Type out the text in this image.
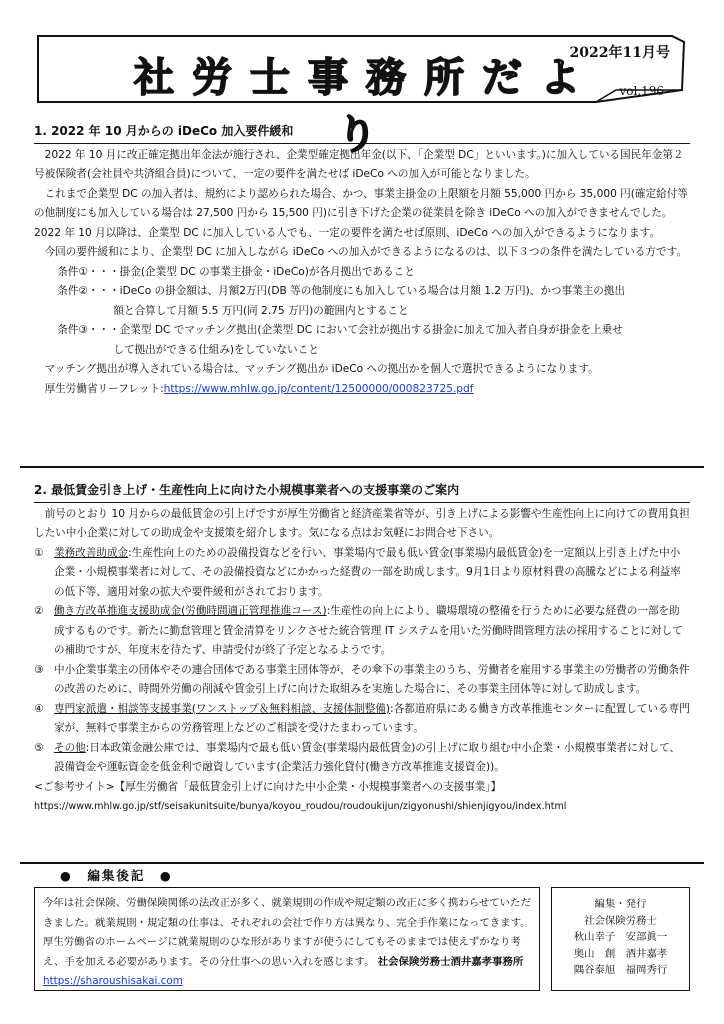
社労士事務所だより
2022年11月号
vol.196
1. 2022 年 10 月からの iDeCo 加入要件緩和

2022 年 10 月に改正確定拠出年金法が施行され、企業型確定拠出年金(以下、「企業型 DC」といいます。)に加入している国民年金第２号被保険者(会社員や共済組合員)について、一定の要件を満たせば iDeCo への加入が可能となりました。

これまで企業型 DC の加入者は、規約により認められた場合、かつ、事業主掛金の上限額を月額 55,000 円から 35,000 円(確定給付等の他制度にも加入している場合は 27,500 円から 15,500 円)に引き下げた企業の従業員を除き iDeCo への加入ができませんでした。2022 年 10 月以降は、企業型 DC に加入している人でも、一定の要件を満たせば原則、iDeCo への加入ができるようになります。

今回の要件緩和により、企業型 DC に加入しながら iDeCo への加入ができるようになるのは、以下３つの条件を満たしている方です。

条件①・・・掛金(企業型 DC の事業主掛金・iDeCo)が各月拠出であること

条件②・・・iDeCo の掛金額は、月額2万円(DB 等の他制度にも加入している場合は月額 1.2 万円)、かつ事業主の拠出
額と合算して月額 5.5 万円(同 2.75 万円)の範囲内とすること

条件③・・・企業型 DC でマッチング拠出(企業型 DC において会社が拠出する掛金に加えて加入者自身が掛金を上乗せ
して拠出ができる仕組み)をしていないこと

マッチング拠出が導入されている場合は、マッチング拠出か iDeCo への拠出かを個人で選択できるようになります。

厚生労働省リーフレット:https://www.mhlw.go.jp/content/12500000/000823725.pdf

2. 最低賃金引き上げ・生産性向上に向けた小規模事業者への支援事業のご案内

前号のとおり 10 月からの最低賃金の引上げですが厚生労働省と経済産業省等が、引き上げによる影響や生産性向上に向けての費用負担したい中小企業に対しての助成金や支援策を紹介します。気になる点はお気軽にお問合せ下さい。

① 業務改善助成金:生産性向上のための設備投資などを行い、事業場内で最も低い賃金(事業場内最低賃金)を一定額以上引き上げた中小企業・小規模事業者に対して、その設備投資などにかかった経費の一部を助成します。9月1日より原材料費の高騰などによる利益率の低下等、適用対象の拡大や要件緩和がされております。
② 働き方改革推進支援助成金(労働時間適正管理推進コース):生産性の向上により、職場環境の整備を行うために必要な経費の一部を助成するものです。新たに勤怠管理と賃金清算をリンクさせた統合管理 IT システムを用いた労働時間管理方法の採用することに対しての補助ですが、年度末を待たず、申請受付が終了予定となるようです。
③ 中小企業事業主の団体やその連合団体である事業主団体等が、その傘下の事業主のうち、労働者を雇用する事業主の労働者の労働条件の改善のために、時間外労働の削減や賃金引上げに向けた取組みを実施した場合に、その事業主団体等に対して助成します。
④ 専門家派遣・相談等支援事業(ワンストップ＆無料相談、支援体制整備):各都道府県にある働き方改革推進センターに配置している専門家が、無料で事業主からの労務管理上などのご相談を受けたまわっています。
⑤ その他:日本政策金融公庫では、事業場内で最も低い賃金(事業場内最低賃金)の引上げに取り組む中小企業・小規模事業者に対して、設備資金や運転資金を低金利で融資しています(企業活力強化貸付(働き方改革推進支援資金))。

<ご参考サイト>【厚生労働省「最低賃金引上げに向けた中小企業・小規模事業者への支援事業」】

https://www.mhlw.go.jp/stf/seisakunitsuite/bunya/koyou_roudou/roudoukijun/zigyonushi/shienjigyou/index.html

●　編集後記　●
今年は社会保険、労働保険関係の法改正が多く、就業規則の作成や規定類の改正に多く携わらせていただきました。就業規則・規定類の仕事は、それぞれの会社で作り方は異なり、完全手作業になってきます。厚生労働省のホームページに就業規則のひな形がありますが使うにしてもそのままでは使えずかなり考え、手を加える必要があります。その分仕事への思い入れを感じます。 社会保険労務士酒井嘉孝事務所  https://sharoushisakai.com
編集・発行
社会保険労務士
秋山幸子　安部眞一
奥山　創　酒井嘉孝
隅谷泰旭　福岡秀行
